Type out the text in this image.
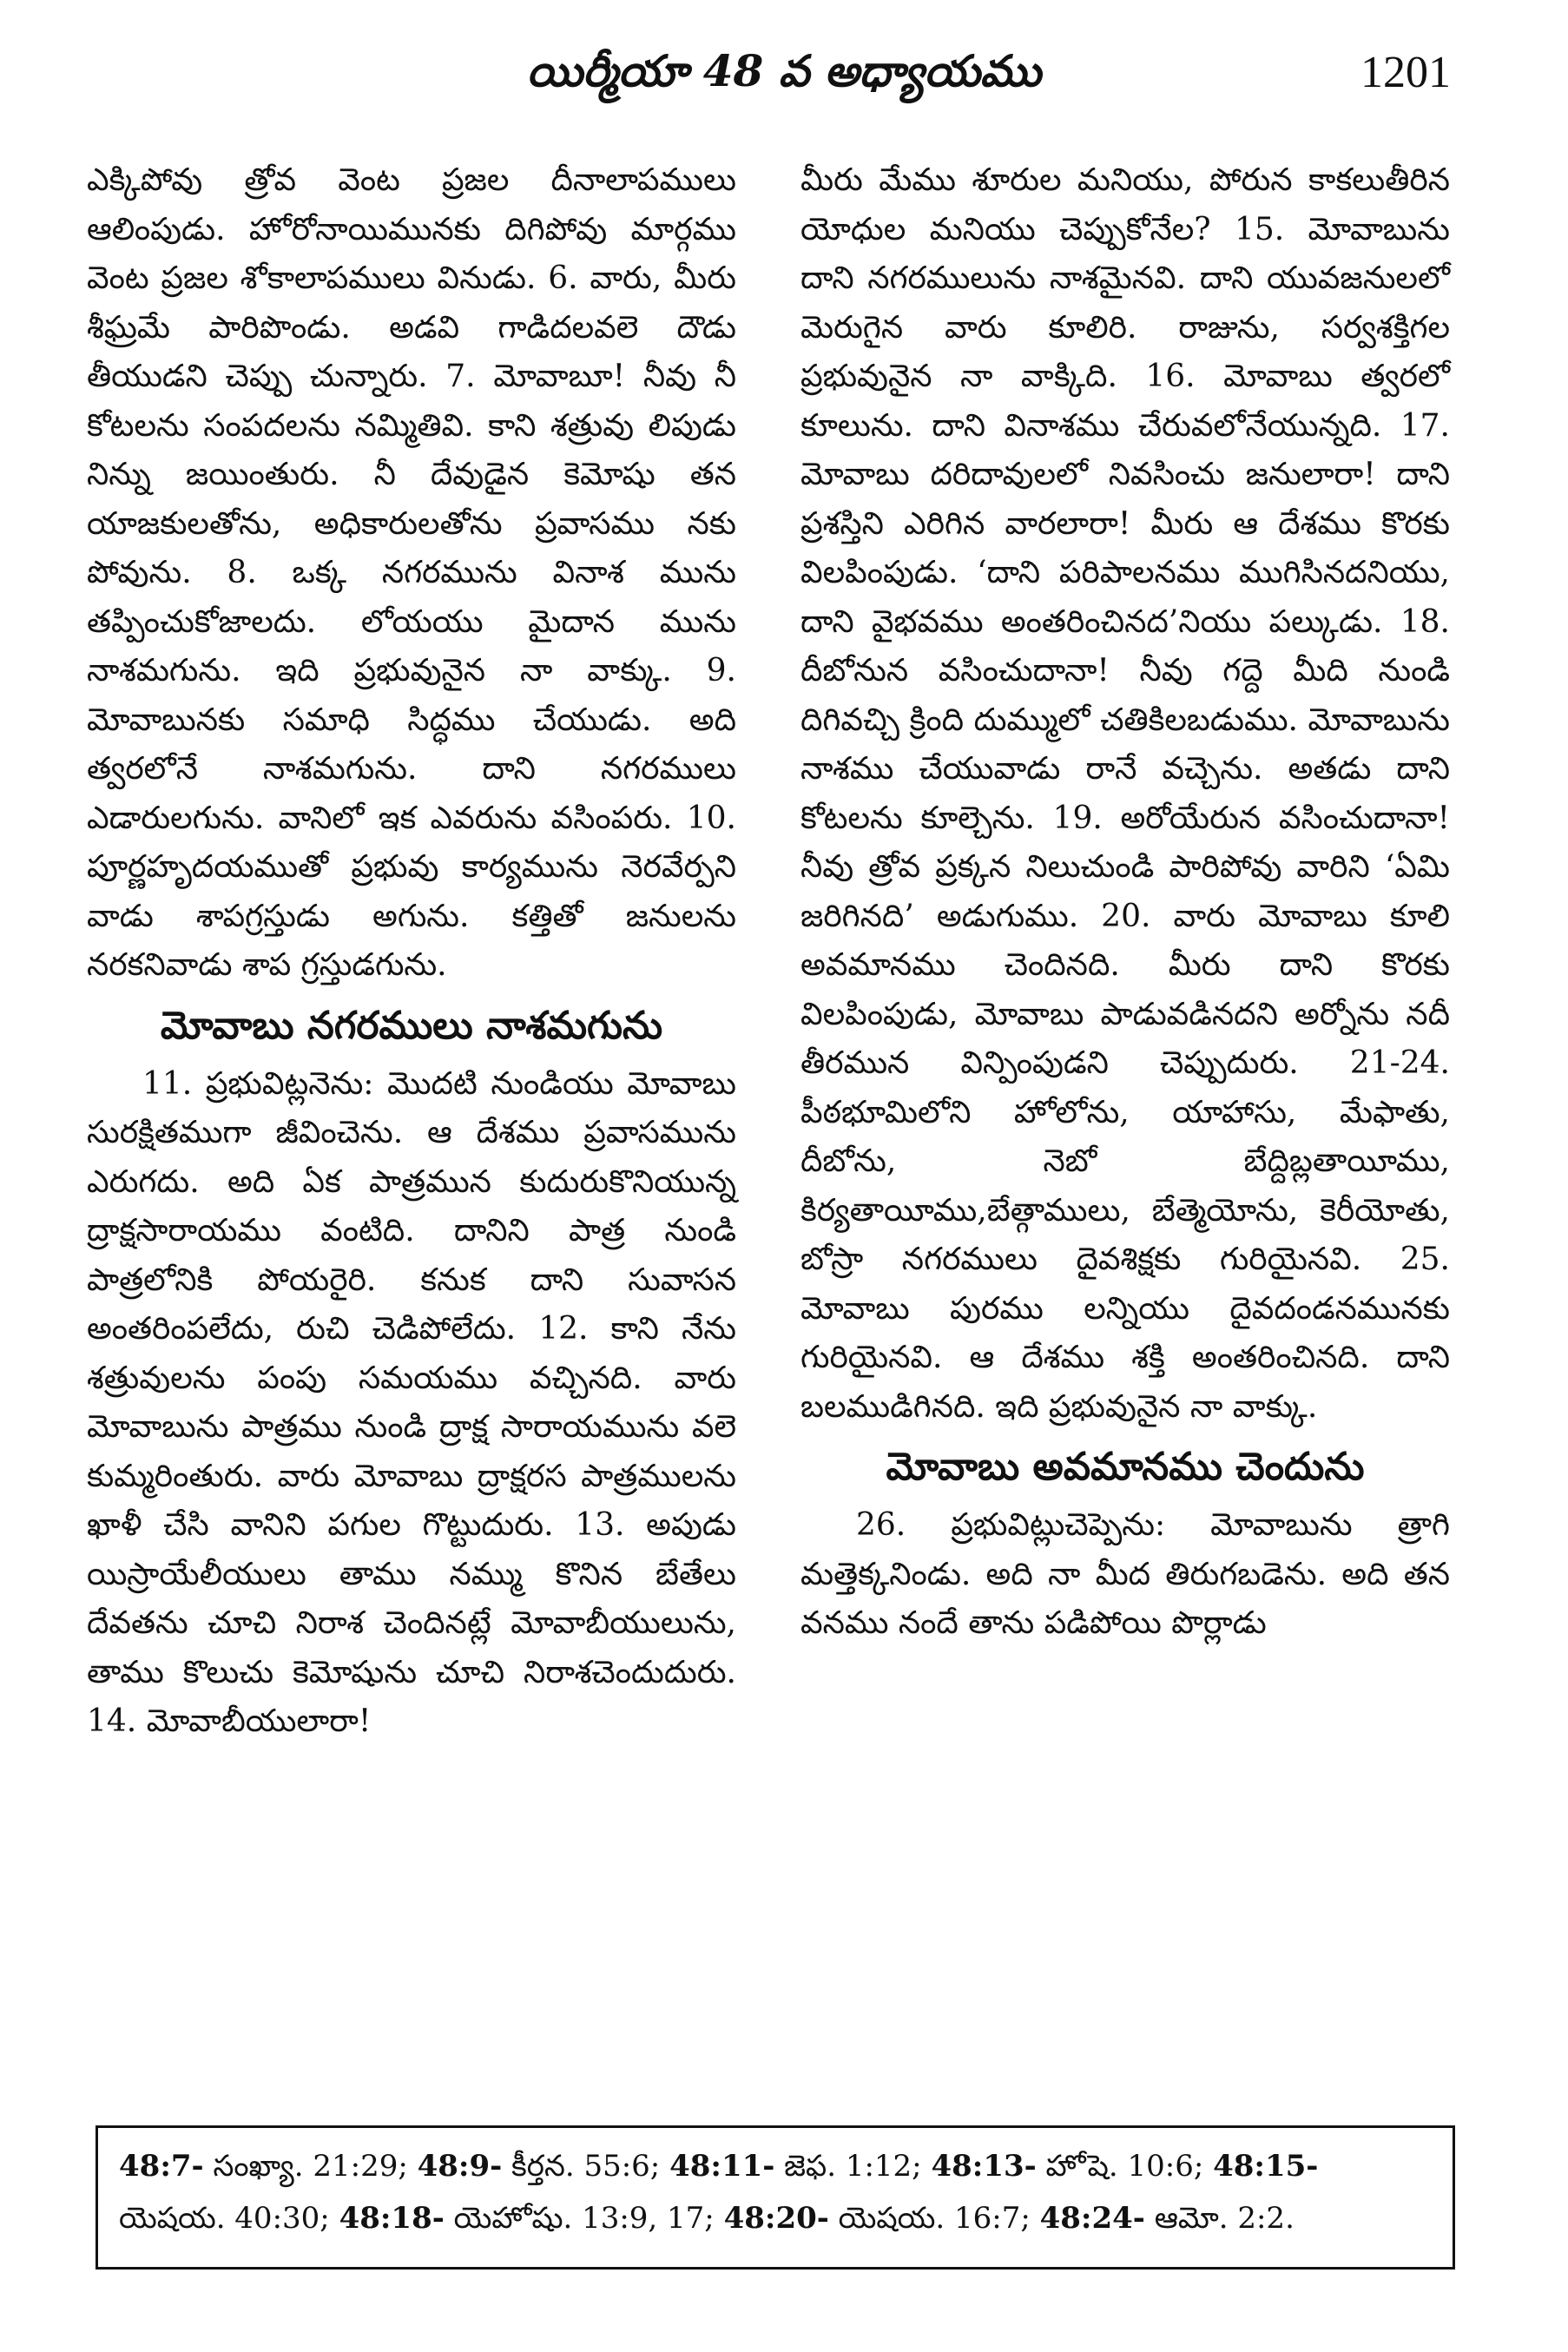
యిర్మీయా 48 వ అధ్యాయము	1201

ఎక్కిపోవు త్రోవ వెంట ప్రజల దీనాలాపములు ఆలింపుడు. హోరోనాయిమునకు దిగిపోవు మార్గము వెంట ప్రజల శోకాలాపములు వినుడు. 6. వారు, మీరు శీఘ్రమే పారిపొండు. అడవి గాడిదలవలె దౌడు తీయుడని చెప్పు చున్నారు. 7. మోవాబూ! నీవు నీ కోటలను సంపదలను నమ్మితివి. కాని శత్రువు లిపుడు నిన్ను జయింతురు. నీ దేవుడైన కెమోషు తన యాజకులతోను, అధికారులతోను ప్రవాసము నకు పోవును. 8. ఒక్క నగరమును వినాశ మును తప్పించుకోజాలదు. లోయయు మైదాన మును నాశమగును. ఇది ప్రభువునైన నా వాక్కు. 9. మోవాబునకు సమాధి సిద్ధము చేయుడు. అది త్వరలోనే నాశమగును. దాని నగరములు ఎడారులగును. వానిలో ఇక ఎవరును వసింపరు. 10. పూర్ణహృదయముతో ప్రభువు కార్యమును నెరవేర్పని వాడు శాపగ్రస్తుడు అగును. కత్తితో జనులను నరకనివాడు శాప గ్రస్తుడగును.

మోవాబు నగరములు నాశమగును

11. ప్రభువిట్లనెను: మొదటి నుండియు మోవాబు సురక్షితముగా జీవించెను. ఆ దేశము ప్రవాసమును ఎరుగదు. అది ఏక పాత్రమున కుదురుకొనియున్న ద్రాక్షసారాయము వంటిది. దానిని పాత్ర నుండి పాత్రలోనికి పోయరైరి. కనుక దాని సువాసన అంతరింపలేదు, రుచి చెడిపోలేదు. 12. కాని నేను శత్రువులను పంపు సమయము వచ్చినది. వారు మోవాబును పాత్రము నుండి ద్రాక్ష సారాయమును వలె కుమ్మరింతురు. వారు మోవాబు ద్రాక్షరస పాత్రములను ఖాళీ చేసి వానిని పగుల గొట్టుదురు. 13. అపుడు యిస్రాయేలీయులు తాము నమ్ము కొనిన బేతేలు దేవతను చూచి నిరాశ చెందినట్లే మోవాబీయులును, తాము కొలుచు కెమోషును చూచి నిరాశచెందుదురు. 14. మోవాబీయులారా!

మీరు మేము శూరుల మనియు, పోరున కాకలుతీరిన యోధుల మనియు చెప్పుకోనేల? 15. మోవాబును దాని నగరములును నాశమైనవి. దాని యువజనులలో మెరుగైన వారు కూలిరి. రాజును, సర్వశక్తిగల ప్రభువునైన నా వాక్కిది. 16. మోవాబు త్వరలో కూలును. దాని వినాశము చేరువలోనేయున్నది. 17. మోవాబు దరిదావులలో నివసించు జనులారా! దాని ప్రశస్తిని ఎరిగిన వారలారా! మీరు ఆ దేశము కొరకు విలపింపుడు. ‘దాని పరిపాలనము ముగిసినదనియు, దాని వైభవము అంతరించినద’నియు పల్కుడు. 18. దీబోనున వసించుదానా! నీవు గద్దె మీది నుండి దిగివచ్చి క్రింది దుమ్ములో చతికిలబడుము. మోవాబును నాశము చేయువాడు రానే వచ్చెను. అతడు దాని కోటలను కూల్చెను. 19. అరోయేరున వసించుదానా! నీవు త్రోవ ప్రక్కన నిలుచుండి పారిపోవు వారిని ‘ఏమి జరిగినది’ అడుగుము. 20. వారు మోవాబు కూలి అవమానము చెందినది. మీరు దాని కొరకు విలపింపుడు, మోవాబు పాడువడినదని అర్నోను నదీ తీరమున విన్పింపుడని చెప్పుదురు. 21-24. పీఠభూమిలోని హోలోను, యాహాసు, మేఫాతు, దీబోను, నెబో బేద్దిబ్లతాయీము, కిర్యతాయీము,బేత్గాములు, బేత్మెయోను, కెరీయోతు, బోస్రా నగరములు దైవశిక్షకు గురియైనవి. 25. మోవాబు పురము లన్నియు దైవదండనమునకు గురియైనవి. ఆ దేశము శక్తి అంతరించినది. దాని బలముడిగినది. ఇది ప్రభువునైన నా వాక్కు.

మోవాబు అవమానము చెందును

26. ప్రభువిట్లుచెప్పెను: మోవాబును త్రాగి మత్తెక్కనిండు. అది నా మీద తిరుగబడెను. అది తన వనము నందే తాను పడిపోయి పొర్లాడు

48:7- సంఖ్యా. 21:29; 48:9- కీర్తన. 55:6; 48:11- జెఫ. 1:12; 48:13- హోషె. 10:6; 48:15- యెషయ. 40:30; 48:18- యెహోషు. 13:9, 17; 48:20- యెషయ. 16:7; 48:24- ఆమో. 2:2.
